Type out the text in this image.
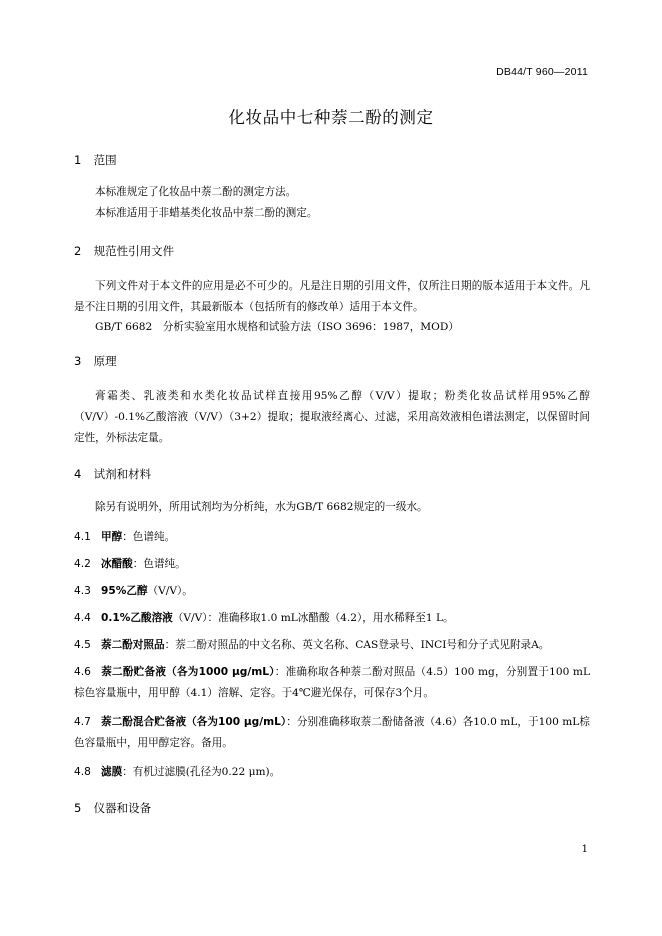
DB44/T 960—2011
化妆品中七种萘二酚的测定
1 范围
本标准规定了化妆品中萘二酚的测定方法。
本标准适用于非蜡基类化妆品中萘二酚的测定。
2 规范性引用文件
下列文件对于本文件的应用是必不可少的。凡是注日期的引用文件，仅所注日期的版本适用于本文件。凡是不注日期的引用文件，其最新版本（包括所有的修改单）适用于本文件。
GB/T 6682　分析实验室用水规格和试验方法（ISO 3696：1987，MOD）
3 原理
膏霜类、乳液类和水类化妆品试样直接用95%乙醇（V/V）提取；粉类化妆品试样用95%乙醇（V/V）-0.1%乙酸溶液（V/V）（3+2）提取；提取液经离心、过滤，采用高效液相色谱法测定，以保留时间定性，外标法定量。
4 试剂和材料
除另有说明外，所用试剂均为分析纯，水为GB/T 6682规定的一级水。
4.1 甲醇：色谱纯。
4.2 冰醋酸：色谱纯。
4.3 95%乙醇（V/V）。
4.4 0.1%乙酸溶液（V/V）：准确移取1.0 mL冰醋酸（4.2），用水稀释至1 L。
4.5 萘二酚对照品：萘二酚对照品的中文名称、英文名称、CAS登录号、INCI号和分子式见附录A。
4.6 萘二酚贮备液（各为1000 μg/mL）：准确称取各种萘二酚对照品（4.5）100 mg，分别置于100 mL棕色容量瓶中，用甲醇（4.1）溶解、定容。于4℃避光保存，可保存3个月。
4.7 萘二酚混合贮备液（各为100 μg/mL）：分别准确移取萘二酚储备液（4.6）各10.0 mL，于100 mL棕色容量瓶中，用甲醇定容。备用。
4.8 滤膜：有机过滤膜(孔径为0.22 μm)。
5 仪器和设备
1
